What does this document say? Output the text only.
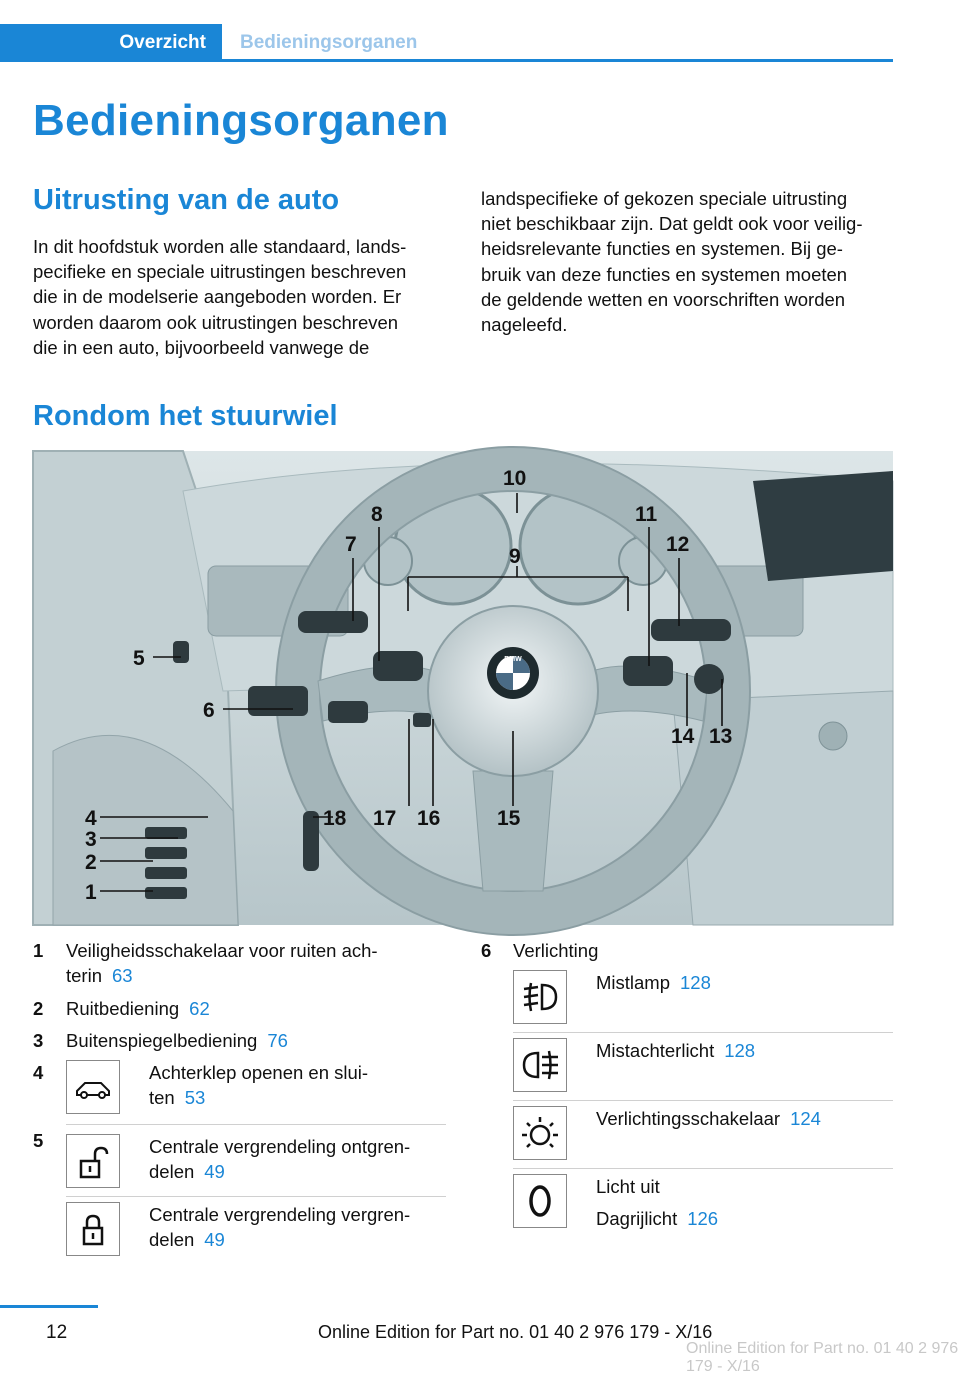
Overzicht	Bedieningsorganen
Bedieningsorganen
Uitrusting van de auto
In dit hoofdstuk worden alle standaard, lands-
pecifieke en speciale uitrustingen beschreven
die in de modelserie aangeboden worden. Er
worden daarom ook uitrustingen beschreven
die in een auto, bijvoorbeeld vanwege de
landspecifieke of gekozen speciale uitrusting
niet beschikbaar zijn. Dat geldt ook voor veilig-
heidsrelevante functies en systemen. Bij ge-
bruik van deze functies en systemen moeten
de geldende wetten en voorschriften worden
nageleefd.
Rondom het stuurwiel
BMW
1
2
3
4
5
6
7
8
9
10
11
12
13
14
15
16
17
18
1 Veiligheidsschakelaar voor ruiten ach-
terin 63
2 Ruitbediening 62
3 Buitenspiegelbediening 76
4	Achterklep openen en slui-
ten 53
5	Centrale vergrendeling ontgren-
delen 49
Centrale vergrendeling vergren-
delen 49
6 Verlichting
Mistlamp 128
Mistachterlicht 128
Verlichtingsschakelaar 124
Licht uit
Dagrijlicht 126
12	Online Edition for Part no. 01 40 2 976 179 - X/16
Online Edition for Part no. 01 40 2 976 179 - X/16
